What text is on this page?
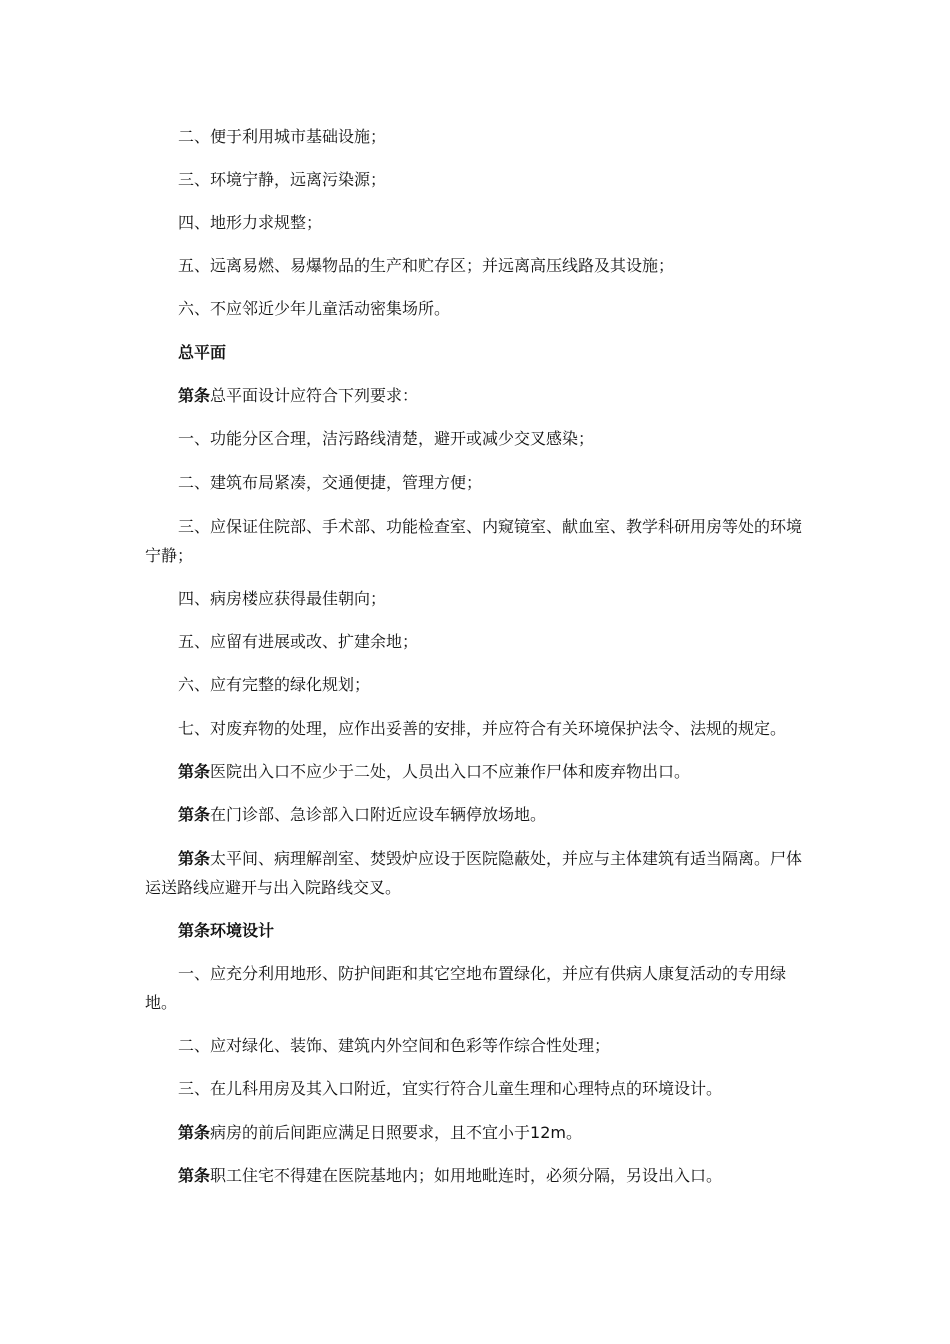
二、便于利用城市基础设施；

三、环境宁静，远离污染源；

四、地形力求规整；

五、远离易燃、易爆物品的生产和贮存区；并远离高压线路及其设施；

六、不应邻近少年儿童活动密集场所。

总平面

第条总平面设计应符合下列要求：

一、功能分区合理，洁污路线清楚，避开或减少交叉感染；

二、建筑布局紧凑，交通便捷，管理方便；

三、应保证住院部、手术部、功能检查室、内窥镜室、献血室、教学科研用房等处的环境宁静；

四、病房楼应获得最佳朝向；

五、应留有进展或改、扩建余地；

六、应有完整的绿化规划；

七、对废弃物的处理，应作出妥善的安排，并应符合有关环境保护法令、法规的规定。

第条医院出入口不应少于二处，人员出入口不应兼作尸体和废弃物出口。

第条在门诊部、急诊部入口附近应设车辆停放场地。

第条太平间、病理解剖室、焚毁炉应设于医院隐蔽处，并应与主体建筑有适当隔离。尸体运送路线应避开与出入院路线交叉。

第条环境设计

一、应充分利用地形、防护间距和其它空地布置绿化，并应有供病人康复活动的专用绿地。

二、应对绿化、装饰、建筑内外空间和色彩等作综合性处理；

三、在儿科用房及其入口附近，宜实行符合儿童生理和心理特点的环境设计。

第条病房的前后间距应满足日照要求，且不宜小于12m。

第条职工住宅不得建在医院基地内；如用地毗连时，必须分隔，另设出入口。
